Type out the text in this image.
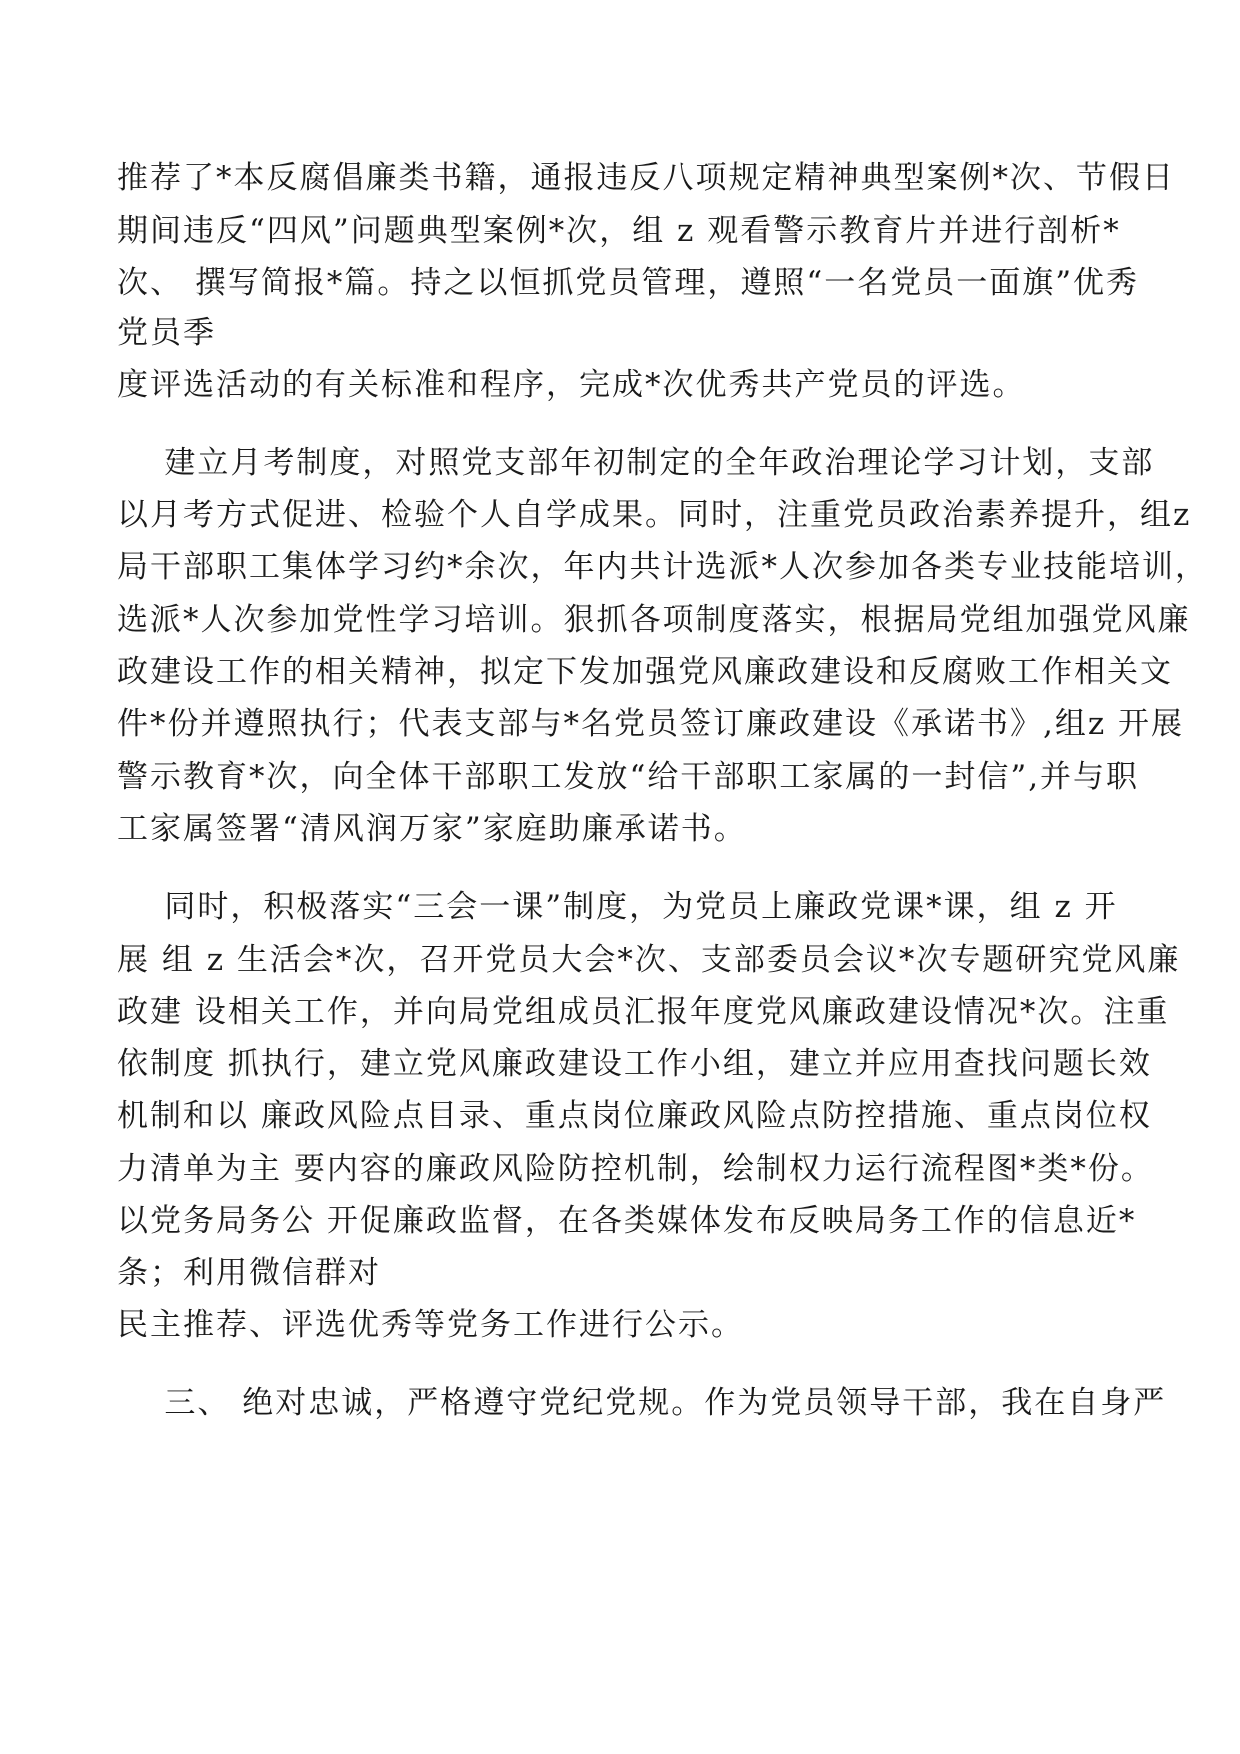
推荐了*本反腐倡廉类书籍，通报违反八项规定精神典型案例*次、节假日
期间违反“四风”问题典型案例*次，组 z 观看警示教育片并进行剖析*
次、 撰写简报*篇。持之以恒抓党员管理，遵照“一名党员一面旗”优秀
党员季
度评选活动的有关标准和程序，完成*次优秀共产党员的评选。
建立月考制度，对照党支部年初制定的全年政治理论学习计划，支部
以月考方式促进、检验个人自学成果。同时，注重党员政治素养提升，组z
局干部职工集体学习约*余次，年内共计选派*人次参加各类专业技能培训，
选派*人次参加党性学习培训。狠抓各项制度落实，根据局党组加强党风廉
政建设工作的相关精神，拟定下发加强党风廉政建设和反腐败工作相关文
件*份并遵照执行；代表支部与*名党员签订廉政建设《承诺书》,组z 开展
警示教育*次，向全体干部职工发放“给干部职工家属的一封信”,并与职
工家属签署“清风润万家”家庭助廉承诺书。
同时，积极落实“三会一课”制度，为党员上廉政党课*课，组 z 开
展 组 z 生活会*次，召开党员大会*次、支部委员会议*次专题研究党风廉
政建 设相关工作，并向局党组成员汇报年度党风廉政建设情况*次。注重
依制度 抓执行，建立党风廉政建设工作小组，建立并应用查找问题长效
机制和以 廉政风险点目录、重点岗位廉政风险点防控措施、重点岗位权
力清单为主 要内容的廉政风险防控机制，绘制权力运行流程图*类*份。
以党务局务公 开促廉政监督，在各类媒体发布反映局务工作的信息近*
条；利用微信群对
民主推荐、评选优秀等党务工作进行公示。
三、 绝对忠诚，严格遵守党纪党规。作为党员领导干部，我在自身严
